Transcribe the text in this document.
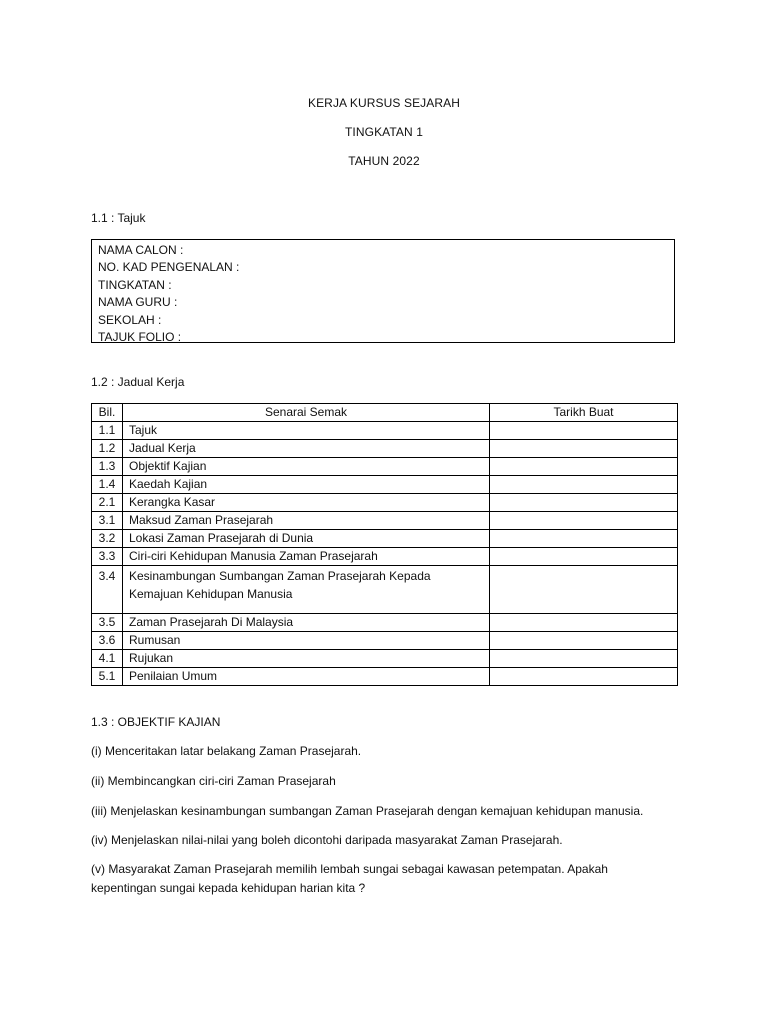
KERJA KURSUS SEJARAH
TINGKATAN 1
TAHUN 2022
1.1 : Tajuk
NAMA CALON :
NO. KAD PENGENALAN :
TINGKATAN :
NAMA GURU :
SEKOLAH :
TAJUK FOLIO :
1.2 : Jadual Kerja
Bil.	Senarai Semak	Tarikh Buat
1.1	Tajuk	
1.2	Jadual Kerja	
1.3	Objektif Kajian	
1.4	Kaedah Kajian	
2.1	Kerangka Kasar	
3.1	Maksud Zaman Prasejarah	
3.2	Lokasi Zaman Prasejarah di Dunia	
3.3	Ciri-ciri Kehidupan Manusia Zaman Prasejarah	
3.4	Kesinambungan Sumbangan Zaman Prasejarah Kepada
Kemajuan Kehidupan Manusia	

3.5	Zaman Prasejarah Di Malaysia	
3.6	Rumusan	
4.1	Rujukan	
5.1	Penilaian Umum	
1.3 : OBJEKTIF KAJIAN
(i) Menceritakan latar belakang Zaman Prasejarah.
(ii) Membincangkan ciri-ciri Zaman Prasejarah
(iii) Menjelaskan kesinambungan sumbangan Zaman Prasejarah dengan kemajuan kehidupan manusia.
(iv) Menjelaskan nilai-nilai yang boleh dicontohi daripada masyarakat Zaman Prasejarah.
(v) Masyarakat Zaman Prasejarah memilih lembah sungai sebagai kawasan petempatan. Apakah
kepentingan sungai kepada kehidupan harian kita ?
